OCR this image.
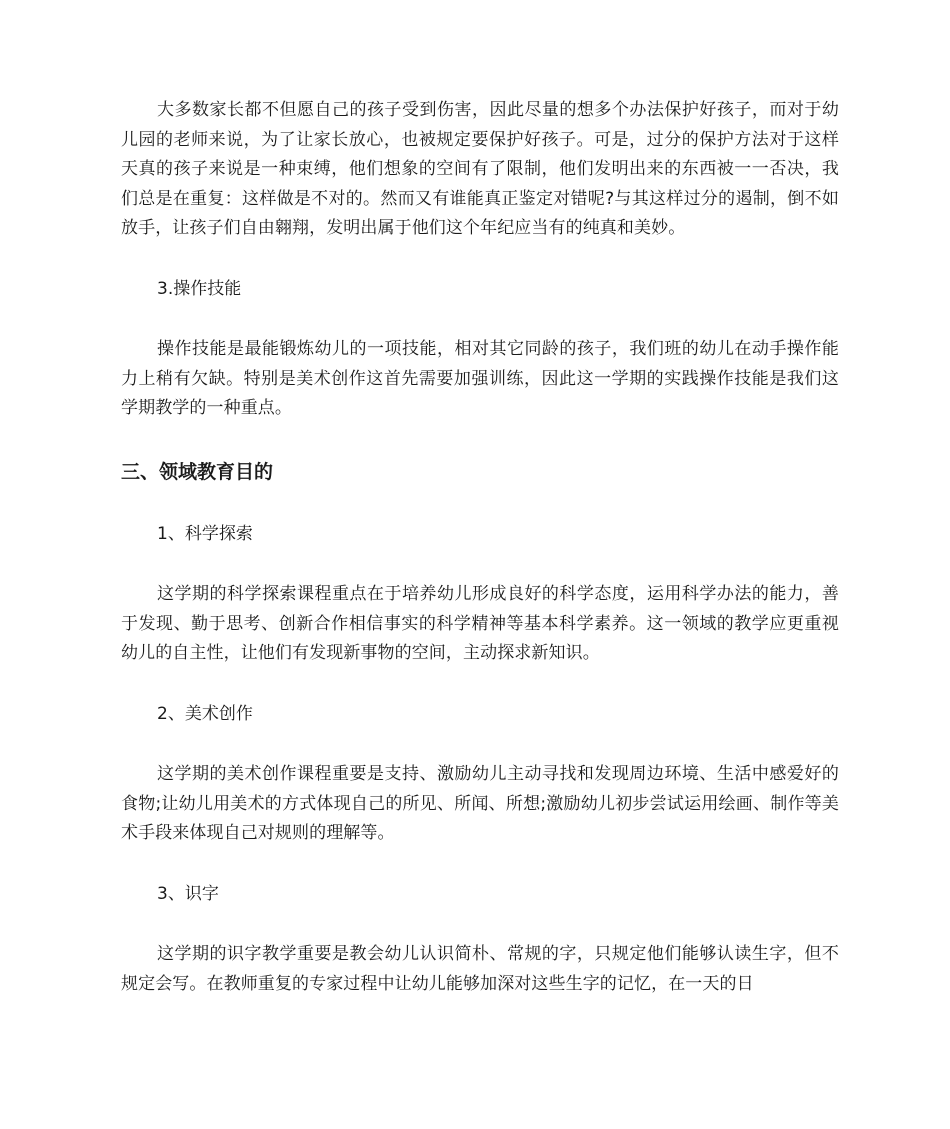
大多数家长都不但愿自己的孩子受到伤害，因此尽量的想多个办法保护好孩子，而对于幼儿园的老师来说，为了让家长放心，也被规定要保护好孩子。可是，过分的保护方法对于这样天真的孩子来说是一种束缚，他们想象的空间有了限制，他们发明出来的东西被一一否决，我们总是在重复：这样做是不对的。然而又有谁能真正鉴定对错呢?与其这样过分的遏制，倒不如放手，让孩子们自由翱翔，发明出属于他们这个年纪应当有的纯真和美妙。

3.操作技能

操作技能是最能锻炼幼儿的一项技能，相对其它同龄的孩子，我们班的幼儿在动手操作能力上稍有欠缺。特别是美术创作这首先需要加强训练，因此这一学期的实践操作技能是我们这学期教学的一种重点。

三、领域教育目的

1、科学探索

这学期的科学探索课程重点在于培养幼儿形成良好的科学态度，运用科学办法的能力，善于发现、勤于思考、创新合作相信事实的科学精神等基本科学素养。这一领域的教学应更重视幼儿的自主性，让他们有发现新事物的空间，主动探求新知识。

2、美术创作

这学期的美术创作课程重要是支持、激励幼儿主动寻找和发现周边环境、生活中感爱好的食物;让幼儿用美术的方式体现自己的所见、所闻、所想;激励幼儿初步尝试运用绘画、制作等美术手段来体现自己对规则的理解等。

3、识字

这学期的识字教学重要是教会幼儿认识简朴、常规的字，只规定他们能够认读生字，但不规定会写。在教师重复的专家过程中让幼儿能够加深对这些生字的记忆，在一天的日
